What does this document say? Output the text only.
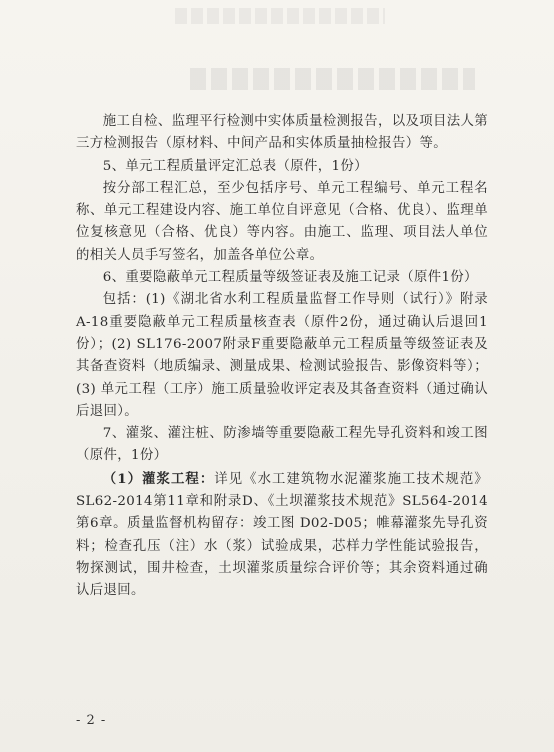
施工自检、监理平行检测中实体质量检测报告，以及项目法人第三方检测报告（原材料、中间产品和实体质量抽检报告）等。

5、单元工程质量评定汇总表（原件，1份）

按分部工程汇总，至少包括序号、单元工程编号、单元工程名称、单元工程建设内容、施工单位自评意见（合格、优良）、监理单位复核意见（合格、优良）等内容。由施工、监理、项目法人单位的相关人员手写签名，加盖各单位公章。

6、重要隐蔽单元工程质量等级签证表及施工记录（原件1份）

包括：(1)《湖北省水利工程质量监督工作导则（试行）》附录A-18重要隐蔽单元工程质量核查表（原件2份，通过确认后退回1份）；(2) SL176-2007附录F重要隐蔽单元工程质量等级签证表及其备查资料（地质编录、测量成果、检测试验报告、影像资料等）；(3) 单元工程（工序）施工质量验收评定表及其备查资料（通过确认后退回）。

7、灌浆、灌注桩、防渗墙等重要隐蔽工程先导孔资料和竣工图（原件，1份）

（1）灌浆工程：详见《水工建筑物水泥灌浆施工技术规范》SL62-2014第11章和附录D、《土坝灌浆技术规范》SL564-2014第6章。质量监督机构留存：竣工图 D02-D05；帷幕灌浆先导孔资料；检查孔压（注）水（浆）试验成果，芯样力学性能试验报告，物探测试，围井检查，土坝灌浆质量综合评价等；其余资料通过确认后退回。

- 2 -
